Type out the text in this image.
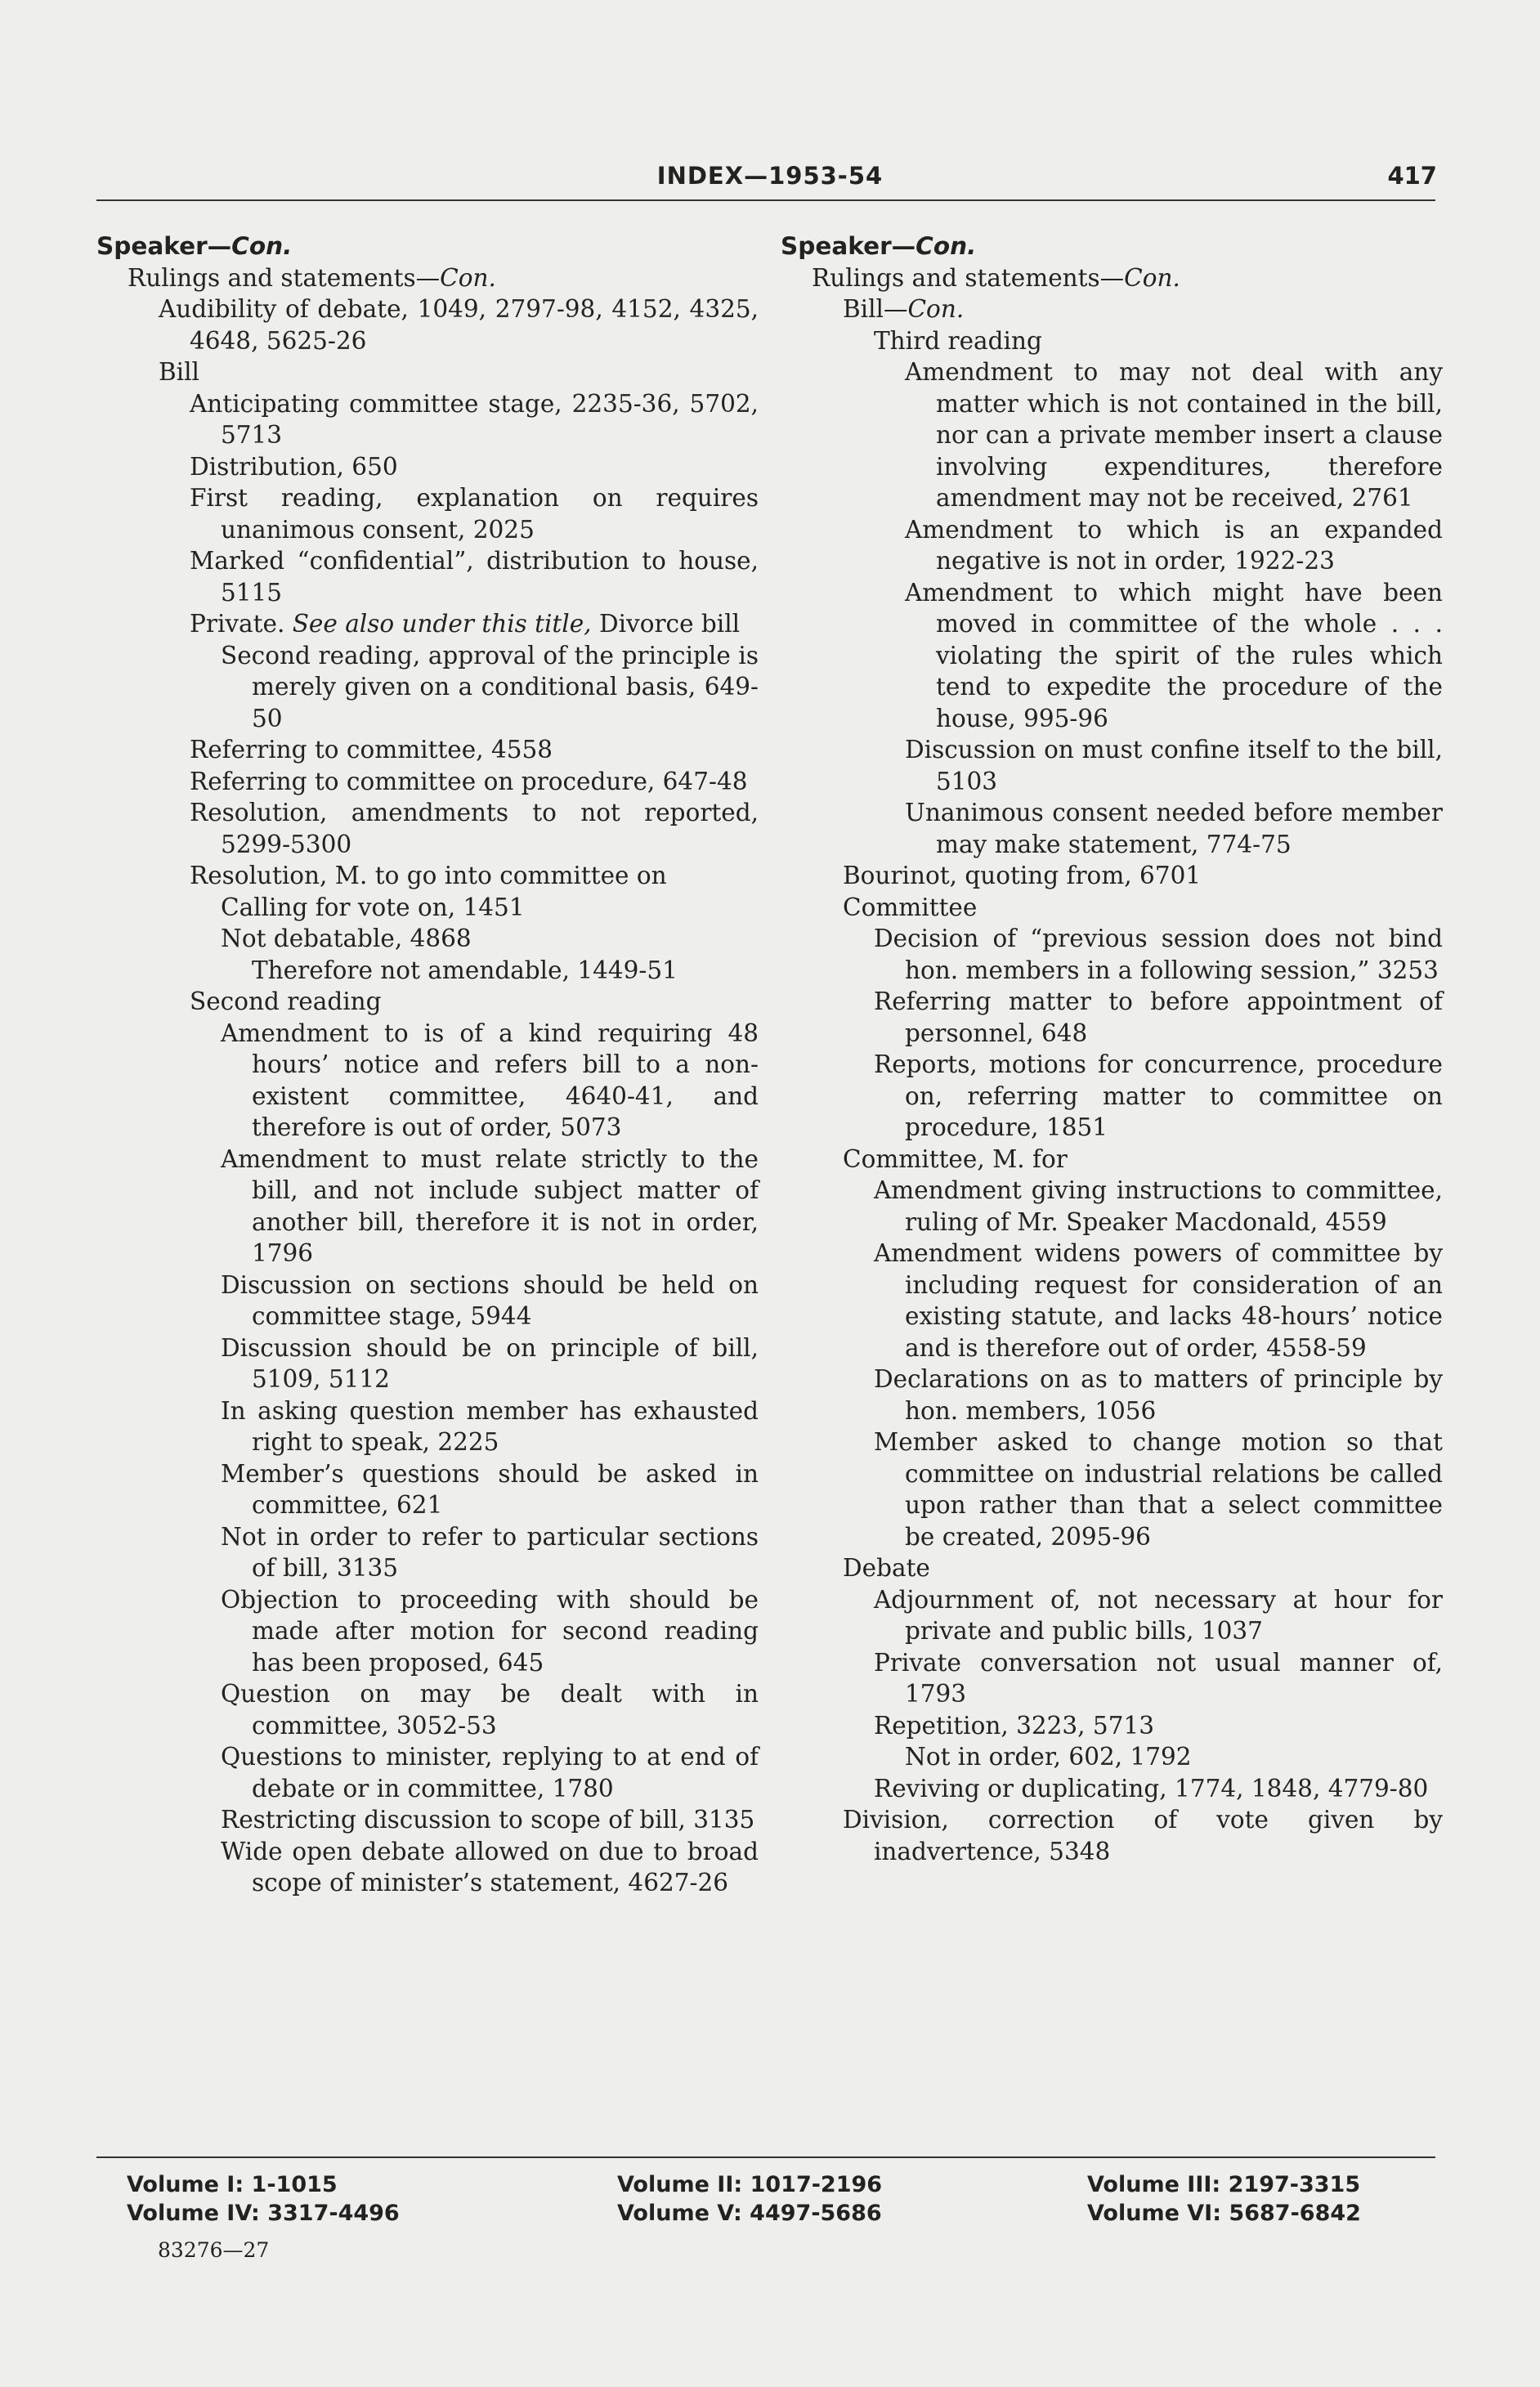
INDEX—1953-54	417

Speaker—Con.

Rulings and statements—Con.

Audibility of debate, 1049, 2797-98, 4152, 4325, 4648, 5625-26

Bill

Anticipating committee stage, 2235-36, 5702, 5713

Distribution, 650

First reading, explanation on requires unanimous consent, 2025

Marked “confidential”, distribution to house, 5115

Private. See also under this title, Divorce bill

Second reading, approval of the principle is merely given on a conditional basis, 649-50

Referring to committee, 4558

Referring to committee on procedure, 647-48

Resolution, amendments to not reported, 5299-5300

Resolution, M. to go into committee on

Calling for vote on, 1451

Not debatable, 4868

Therefore not amendable, 1449-51

Second reading

Amendment to is of a kind requiring 48 hours’ notice and refers bill to a non-existent committee, 4640-41, and therefore is out of order, 5073

Amendment to must relate strictly to the bill, and not include subject matter of another bill, therefore it is not in order, 1796

Discussion on sections should be held on committee stage, 5944

Discussion should be on principle of bill, 5109, 5112

In asking question member has exhausted right to speak, 2225

Member’s questions should be asked in committee, 621

Not in order to refer to particular sections of bill, 3135

Objection to proceeding with should be made after motion for second reading has been proposed, 645

Question on may be dealt with in committee, 3052-53

Questions to minister, replying to at end of debate or in committee, 1780

Restricting discussion to scope of bill, 3135

Wide open debate allowed on due to broad scope of minister’s statement, 4627-26

Speaker—Con.

Rulings and statements—Con.

Bill—Con.

Third reading

Amendment to may not deal with any matter which is not contained in the bill, nor can a private member insert a clause involving expenditures, therefore amendment may not be received, 2761

Amendment to which is an expanded negative is not in order, 1922-23

Amendment to which might have been moved in committee of the whole . . . violating the spirit of the rules which tend to expedite the procedure of the house, 995-96

Discussion on must confine itself to the bill, 5103

Unanimous consent needed before member may make statement, 774-75

Bourinot, quoting from, 6701

Committee

Decision of “previous session does not bind hon. members in a following session,” 3253

Referring matter to before appointment of personnel, 648

Reports, motions for concurrence, procedure on, referring matter to committee on procedure, 1851

Committee, M. for

Amendment giving instructions to committee, ruling of Mr. Speaker Macdonald, 4559

Amendment widens powers of committee by including request for consideration of an existing statute, and lacks 48-hours’ notice and is therefore out of order, 4558-59

Declarations on as to matters of principle by hon. members, 1056

Member asked to change motion so that committee on industrial relations be called upon rather than that a select committee be created, 2095-96

Debate

Adjournment of, not necessary at hour for private and public bills, 1037

Private conversation not usual manner of, 1793

Repetition, 3223, 5713

Not in order, 602, 1792

Reviving or duplicating, 1774, 1848, 4779-80

Division, correction of vote given by inadvertence, 5348

Volume I: 1-1015
Volume IV: 3317-4496
Volume II: 1017-2196
Volume V: 4497-5686
Volume III: 2197-3315
Volume VI: 5687-6842
83276—27
